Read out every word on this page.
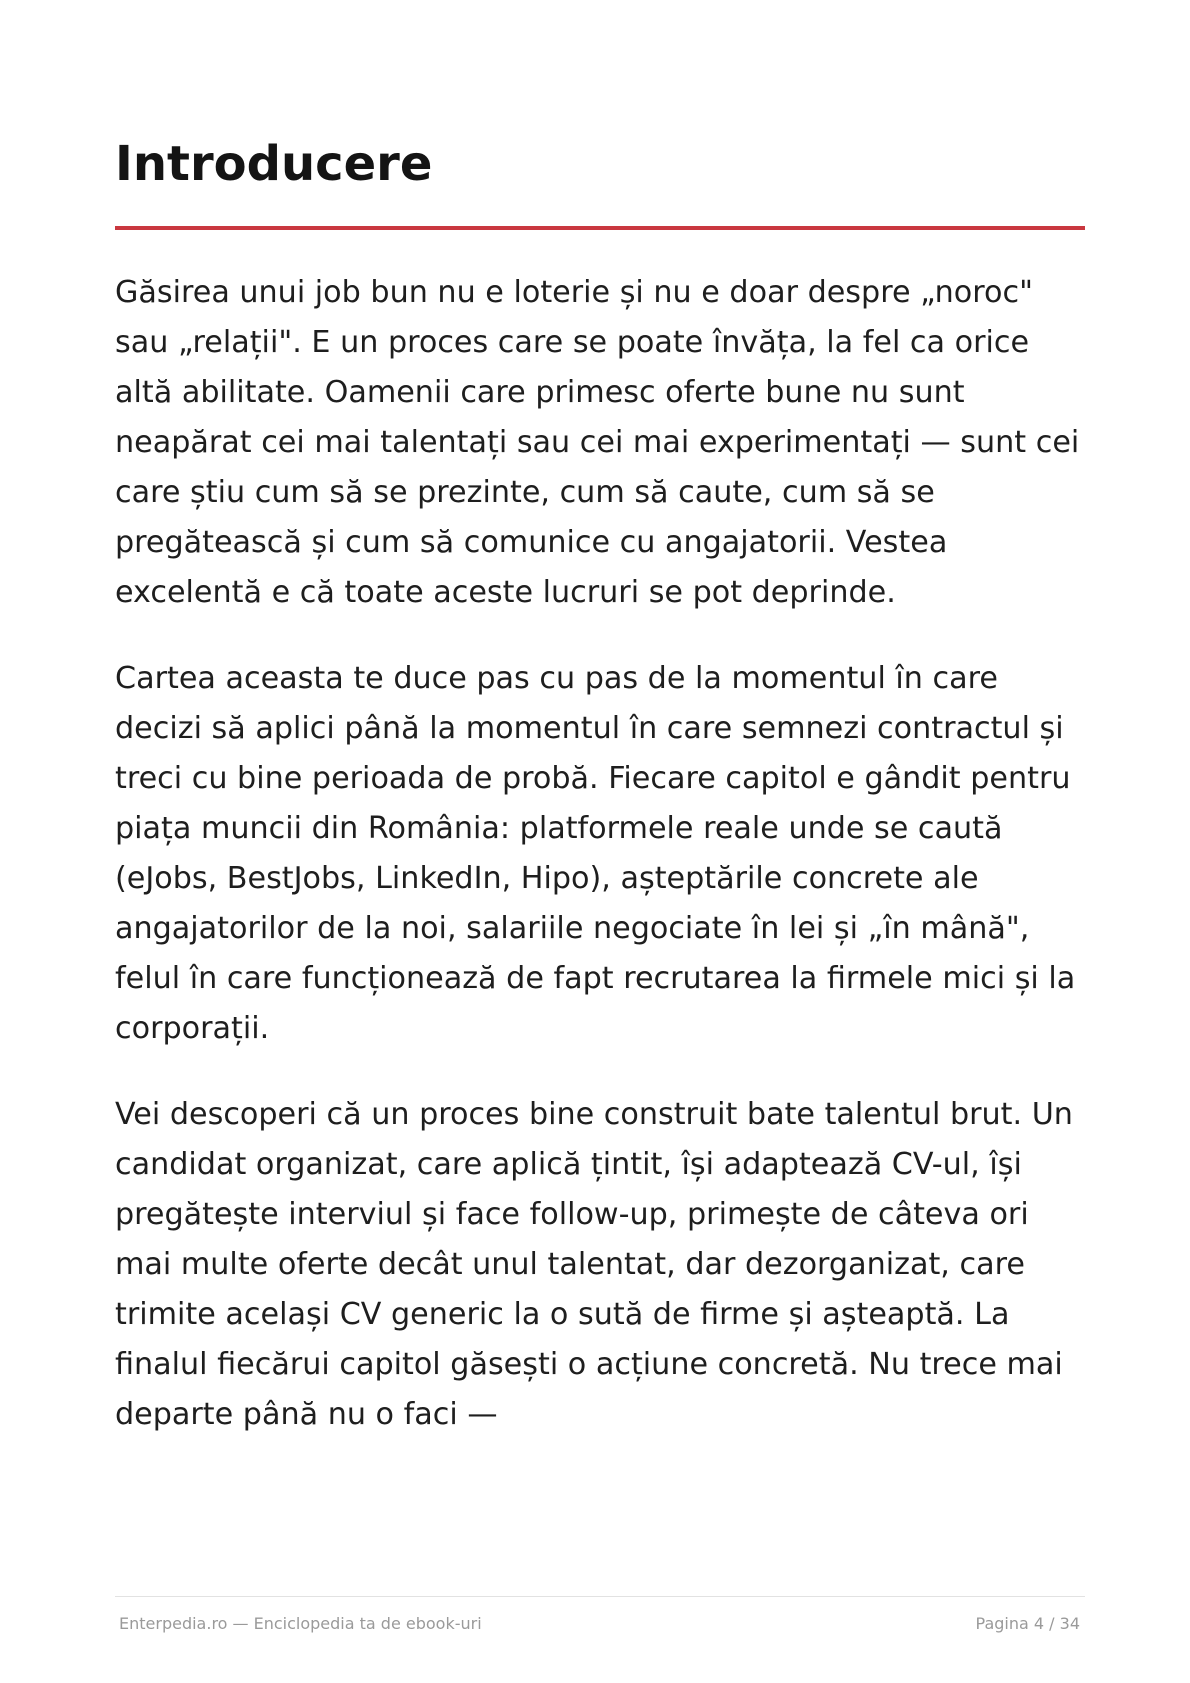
Introducere

Găsirea unui job bun nu e loterie și nu e doar despre „noroc" sau „relații". E un proces care se poate învăța, la fel ca orice altă abilitate. Oamenii care primesc oferte bune nu sunt neapărat cei mai talentați sau cei mai experimentați — sunt cei care știu cum să se prezinte, cum să caute, cum să se pregătească și cum să comunice cu angajatorii. Vestea excelentă e că toate aceste lucruri se pot deprinde.

Cartea aceasta te duce pas cu pas de la momentul în care decizi să aplici până la momentul în care semnezi contractul și treci cu bine perioada de probă. Fiecare capitol e gândit pentru piața muncii din România: platformele reale unde se caută (eJobs, BestJobs, LinkedIn, Hipo), așteptările concrete ale angajatorilor de la noi, salariile negociate în lei și „în mână", felul în care funcționează de fapt recrutarea la firmele mici și la corporații.

Vei descoperi că un proces bine construit bate talentul brut. Un candidat organizat, care aplică țintit, își adaptează CV-ul, își pregătește interviul și face follow-up, primește de câteva ori mai multe oferte decât unul talentat, dar dezorganizat, care trimite același CV generic la o sută de firme și așteaptă. La finalul fiecărui capitol găsești o acțiune concretă. Nu trece mai departe până nu o faci —

Enterpedia.ro — Enciclopedia ta de ebook-uri	Pagina 4 / 34
